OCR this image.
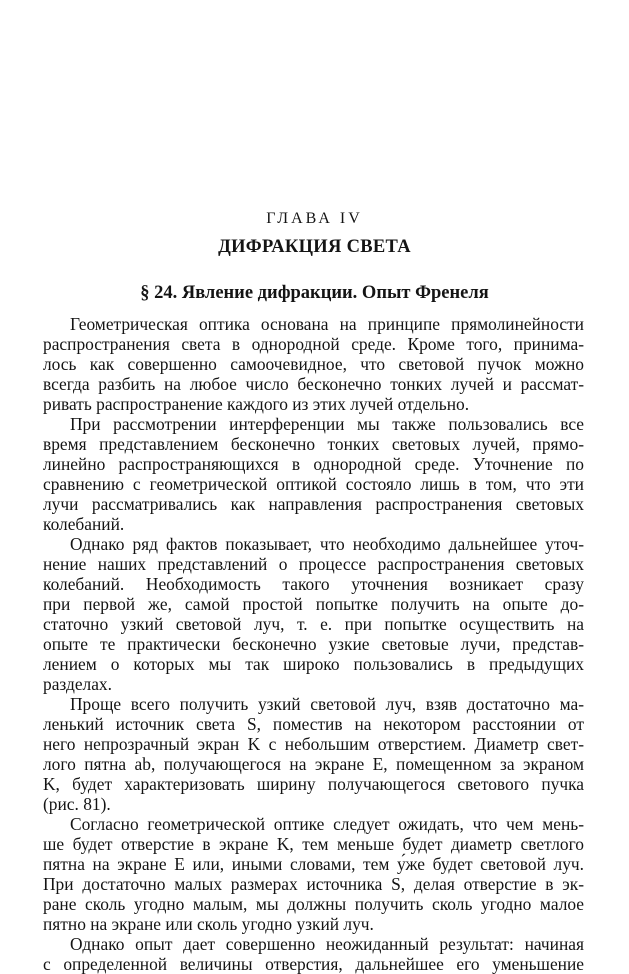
ГЛАВА IV
ДИФРАКЦИЯ СВЕТА
§ 24. Явление дифракции. Опыт Френеля
Геометрическая оптика основана на принципе прямолинейности
распространения света в однородной среде. Кроме того, принима-
лось как совершенно самоочевидное, что световой пучок можно
всегда разбить на любое число бесконечно тонких лучей и рассмат-
ривать распространение каждого из этих лучей отдельно.
При рассмотрении интерференции мы также пользовались все
время представлением бесконечно тонких световых лучей, прямо-
линейно распространяющихся в однородной среде. Уточнение по
сравнению с геометрической оптикой состояло лишь в том, что эти
лучи рассматривались как направления распространения световых
колебаний.
Однако ряд фактов показывает, что необходимо дальнейшее уточ-
нение наших представлений о процессе распространения световых
колебаний. Необходимость такого уточнения возникает сразу
при первой же, самой простой попытке получить на опыте до-
статочно узкий световой луч, т. е. при попытке осуществить на
опыте те практически бесконечно узкие световые лучи, представ-
лением о которых мы так широко пользовались в предыдущих
разделах.
Проще всего получить узкий световой луч, взяв достаточно ма-
ленький источник света S, поместив на некотором расстоянии от
него непрозрачный экран K с небольшим отверстием. Диаметр свет-
лого пятна ab, получающегося на экране E, помещенном за экраном
K, будет характеризовать ширину получающегося светового пучка
(рис. 81).
Согласно геометрической оптике следует ожидать, что чем мень-
ше будет отверстие в экране K, тем меньше будет диаметр светлого
пятна на экране E или, иными словами, тем у́же будет световой луч.
При достаточно малых размерах источника S, делая отверстие в эк-
ране сколь угодно малым, мы должны получить сколь угодно малое
пятно на экране или сколь угодно узкий луч.
Однако опыт дает совершенно неожиданный результат: начиная
с определенной величины отверстия, дальнейшее его уменьшение
